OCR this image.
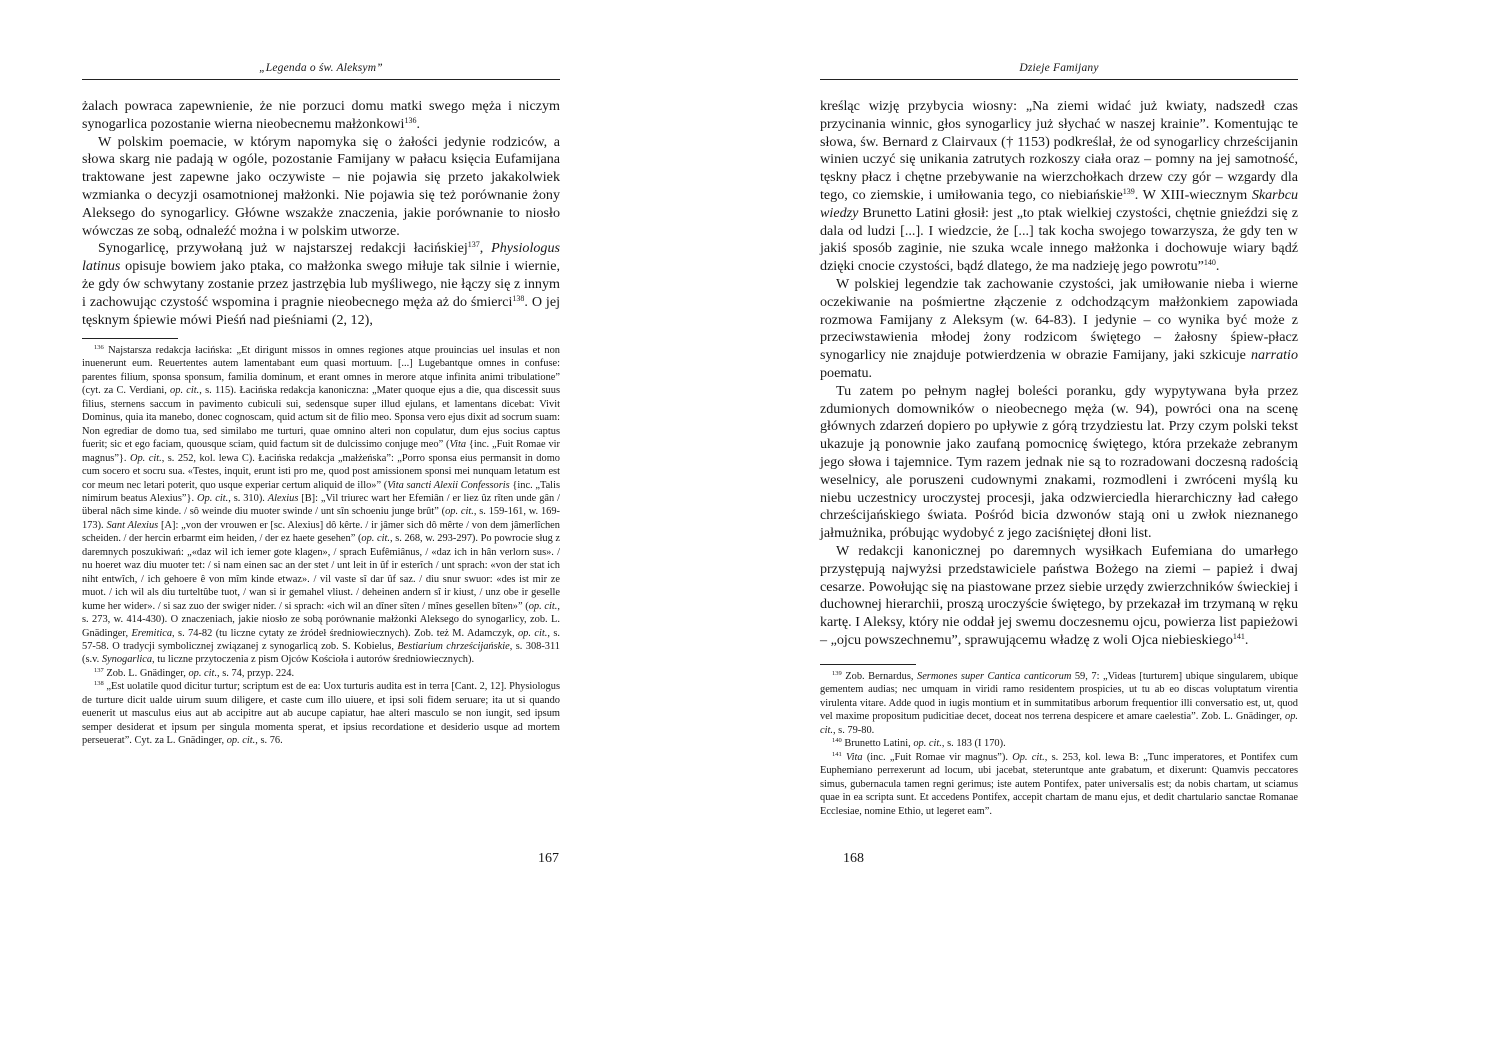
„Legenda o św. Aleksym”

żalach powraca zapewnienie, że nie porzuci domu matki swego męża i niczym synogarlica pozostanie wierna nieobecnemu małżonkowi$^{136}$.

W polskim poemacie, w którym napomyka się o żałości jedynie rodziców, a słowa skarg nie padają w ogóle, pozostanie Famijany w pałacu księcia Eufamijana traktowane jest zapewne jako oczywiste – nie pojawia się przeto jakakolwiek wzmianka o decyzji osamotnionej małżonki. Nie pojawia się też porównanie żony Aleksego do synogarlicy. Główne wszakże znaczenia, jakie porównanie to niosło wówczas ze sobą, odnaleźć można i w polskim utworze.

Synogarlicę, przywołaną już w najstarszej redakcji łacińskiej$^{137}$, Physiologus latinus opisuje bowiem jako ptaka, co małżonka swego miłuje tak silnie i wiernie, że gdy ów schwytany zostanie przez jastrzębia lub myśliwego, nie łączy się z innym i zachowując czystość wspomina i pragnie nieobecnego męża aż do śmierci$^{138}$. O jej tęsknym śpiewie mówi Pieśń nad pieśniami (2, 12),

$^{136}$ Najstarsza redakcja łacińska: „Et dirigunt missos in omnes regiones atque prouincias uel insulas et non inuenerunt eum. Reuertentes autem lamentabant eum quasi mortuum. [...] Lugebantque omnes in confuse: parentes filium, sponsa sponsum, familia dominum, et erant omnes in merore atque infinita animi tribulatione” (cyt. za C. Verdiani, op. cit., s. 115). Łacińska redakcja kanoniczna: „Mater quoque ejus a die, qua discessit suus filius, sternens saccum in pavimento cubiculi sui, sedensque super illud ejulans, et lamentans dicebat: Vivit Dominus, quia ita manebo, donec cognoscam, quid actum sit de filio meo. Sponsa vero ejus dixit ad socrum suam: Non egrediar de domo tua, sed similabo me turturi, quae omnino alteri non copulatur, dum ejus socius captus fuerit; sic et ego faciam, quousque sciam, quid factum sit de dulcissimo conjuge meo” (Vita {inc. „Fuit Romae vir magnus”}. Op. cit., s. 252, kol. lewa C). Łacińska redakcja „małżeńska”: „Porro sponsa eius permansit in domo cum socero et socru sua. «Testes, inquit, erunt isti pro me, quod post amissionem sponsi mei nunquam letatum est cor meum nec letari poterit, quo usque experiar certum aliquid de illo»” (Vita sancti Alexii Confessoris {inc. „Talis nimirum beatus Alexius”}. Op. cit., s. 310). Alexius [B]: „Vil triurec wart her Efemiân / er liez ûz rîten unde gân / überal nâch sime kinde. / sô weinde diu muoter swinde / unt sîn schoeniu junge brût” (op. cit., s. 159-161, w. 169-173). Sant Alexius [A]: „von der vrouwen er [sc. Alexius] dô kêrte. / ir jâmer sich dô mêrte / von dem jâmerlîchen scheiden. / der hercin erbarmt eim heiden, / der ez haete gesehen” (op. cit., s. 268, w. 293-297). Po powrocie sług z daremnych poszukiwań: „«daz wil ich iemer gote klagen», / sprach Eufêmiânus, / «daz ich in hân verlorn sus». / nu hoeret waz diu muoter tet: / si nam einen sac an der stet / unt leit in ûf ir esterîch / unt sprach: «von der stat ich niht entwîch, / ich gehoere ê von mîm kinde etwaz». / vil vaste sî dar ûf saz. / diu snur swuor: «des ist mir ze muot. / ich wil als diu turteltûbe tuot, / wan si ir gemahel vliust. / deheinen andern sî ir kiust, / unz obe ir geselle kume her wider». / si saz zuo der swiger nider. / si sprach: «ich wil an dîner sîten / mînes gesellen bîten»” (op. cit., s. 273, w. 414-430). O znaczeniach, jakie niosło ze sobą porównanie małżonki Aleksego do synogarlicy, zob. L. Gnädinger, Eremitica, s. 74-82 (tu liczne cytaty ze źródeł średniowiecznych). Zob. też M. Adamczyk, op. cit., s. 57-58. O tradycji symbolicznej związanej z synogarlicą zob. S. Kobielus, Bestiarium chrześcijańskie, s. 308-311 (s.v. Synogarlica, tu liczne przytoczenia z pism Ojców Kościoła i autorów średniowiecznych).

$^{137}$ Zob. L. Gnädinger, op. cit., s. 74, przyp. 224.

$^{138}$ „Est uolatile quod dicitur turtur; scriptum est de ea: Uox turturis audita est in terra [Cant. 2, 12]. Physiologus de turture dicit ualde uirum suum diligere, et caste cum illo uiuere, et ipsi soli fidem seruare; ita ut si quando euenerit ut masculus eius aut ab accipitre aut ab aucupe capiatur, hae alteri masculo se non iungit, sed ipsum semper desiderat et ipsum per singula momenta sperat, et ipsius recordatione et desiderio usque ad mortem perseuerat”. Cyt. za L. Gnädinger, op. cit., s. 76.

167
Dzieje Famijany

kreśląc wizję przybycia wiosny: „Na ziemi widać już kwiaty, nadszedł czas przycinania winnic, głos synogarlicy już słychać w naszej krainie”. Komentując te słowa, św. Bernard z Clairvaux († 1153) podkreślał, że od synogarlicy chrześcijanin winien uczyć się unikania zatrutych rozkoszy ciała oraz – pomny na jej samotność, tęskny płacz i chętne przebywanie na wierzchołkach drzew czy gór – wzgardy dla tego, co ziemskie, i umiłowania tego, co niebiańskie$^{139}$. W XIII-wiecznym Skarbcu wiedzy Brunetto Latini głosił: jest „to ptak wielkiej czystości, chętnie gnieździ się z dala od ludzi [...]. I wiedzcie, że [...] tak kocha swojego towarzysza, że gdy ten w jakiś sposób zaginie, nie szuka wcale innego małżonka i dochowuje wiary bądź dzięki cnocie czystości, bądź dlatego, że ma nadzieję jego powrotu”$^{140}$.

W polskiej legendzie tak zachowanie czystości, jak umiłowanie nieba i wierne oczekiwanie na pośmiertne złączenie z odchodzącym małżonkiem zapowiada rozmowa Famijany z Aleksym (w. 64-83). I jedynie – co wynika być może z przeciwstawienia młodej żony rodzicom świętego – żałosny śpiew-płacz synogarlicy nie znajduje potwierdzenia w obrazie Famijany, jaki szkicuje narratio poematu.

Tu zatem po pełnym nagłej boleści poranku, gdy wypytywana była przez zdumionych domowników o nieobecnego męża (w. 94), powróci ona na scenę głównych zdarzeń dopiero po upływie z górą trzydziestu lat. Przy czym polski tekst ukazuje ją ponownie jako zaufaną pomocnicę świętego, która przekaże zebranym jego słowa i tajemnice. Tym razem jednak nie są to rozradowani doczesną radością weselnicy, ale poruszeni cudownymi znakami, rozmodleni i zwróceni myślą ku niebu uczestnicy uroczystej procesji, jaka odzwierciedla hierarchiczny ład całego chrześcijańskiego świata. Pośród bicia dzwonów stają oni u zwłok nieznanego jałmużnika, próbując wydobyć z jego zaciśniętej dłoni list.

W redakcji kanonicznej po daremnych wysiłkach Eufemiana do umarłego przystępują najwyżsi przedstawiciele państwa Bożego na ziemi – papież i dwaj cesarze. Powołując się na piastowane przez siebie urzędy zwierzchników świeckiej i duchownej hierarchii, proszą uroczyście świętego, by przekazał im trzymaną w ręku kartę. I Aleksy, który nie oddał jej swemu doczesnemu ojcu, powierza list papieżowi – „ojcu powszechnemu”, sprawującemu władzę z woli Ojca niebieskiego$^{141}$.

$^{139}$ Zob. Bernardus, Sermones super Cantica canticorum 59, 7: „Videas [turturem] ubique singularem, ubique gementem audias; nec umquam in viridi ramo residentem prospicies, ut tu ab eo discas voluptatum virentia virulenta vitare. Adde quod in iugis montium et in summitatibus arborum frequentior illi conversatio est, ut, quod vel maxime propositum pudicitiae decet, doceat nos terrena despicere et amare caelestia”. Zob. L. Gnädinger, op. cit., s. 79-80.

$^{140}$ Brunetto Latini, op. cit., s. 183 (I 170).

$^{141}$ Vita (inc. „Fuit Romae vir magnus”). Op. cit., s. 253, kol. lewa B: „Tunc imperatores, et Pontifex cum Euphemiano perrexerunt ad locum, ubi jacebat, steteruntque ante grabatum, et dixerunt: Quamvis peccatores simus, gubernacula tamen regni gerimus; iste autem Pontifex, pater universalis est; da nobis chartam, ut sciamus quae in ea scripta sunt. Et accedens Pontifex, accepit chartam de manu ejus, et dedit chartulario sanctae Romanae Ecclesiae, nomine Ethio, ut legeret eam”.

168
